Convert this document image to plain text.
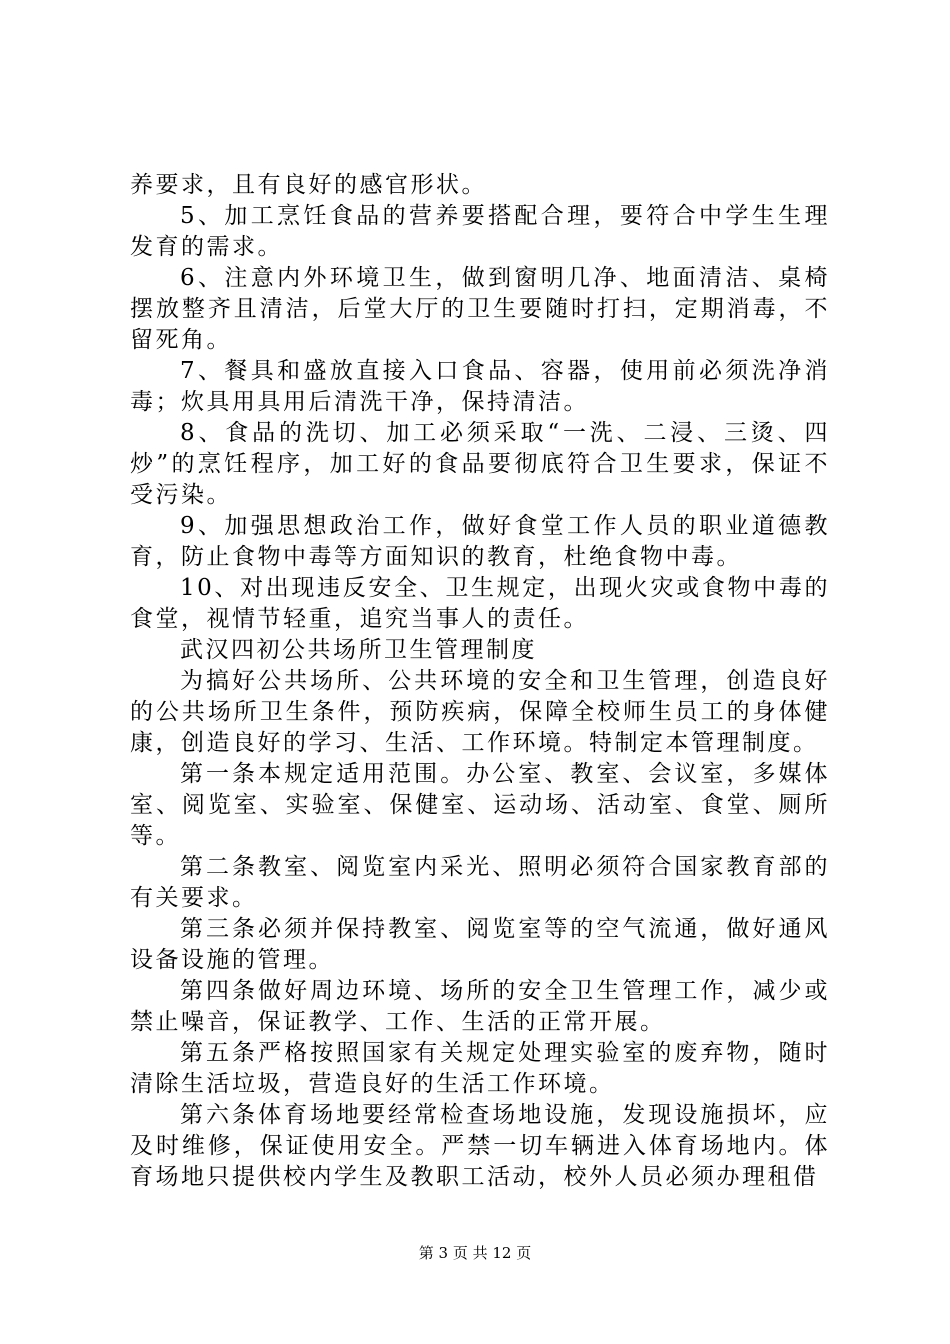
养要求，且有良好的感官形状。

5、加工烹饪食品的营养要搭配合理，要符合中学生生理发育的需求。

6、注意内外环境卫生，做到窗明几净、地面清洁、桌椅摆放整齐且清洁，后堂大厅的卫生要随时打扫，定期消毒，不留死角。

7、餐具和盛放直接入口食品、容器，使用前必须洗净消毒；炊具用具用后清洗干净，保持清洁。

8、食品的洗切、加工必须采取“一洗、二浸、三烫、四炒”的烹饪程序，加工好的食品要彻底符合卫生要求，保证不受污染。

9、加强思想政治工作，做好食堂工作人员的职业道德教育，防止食物中毒等方面知识的教育，杜绝食物中毒。

10、对出现违反安全、卫生规定，出现火灾或食物中毒的食堂，视情节轻重，追究当事人的责任。

武汉四初公共场所卫生管理制度

为搞好公共场所、公共环境的安全和卫生管理，创造良好的公共场所卫生条件，预防疾病，保障全校师生员工的身体健康，创造良好的学习、生活、工作环境。特制定本管理制度。

第一条本规定适用范围。办公室、教室、会议室，多媒体室、阅览室、实验室、保健室、运动场、活动室、食堂、厕所等。

第二条教室、阅览室内采光、照明必须符合国家教育部的有关要求。

第三条必须并保持教室、阅览室等的空气流通，做好通风设备设施的管理。

第四条做好周边环境、场所的安全卫生管理工作，减少或禁止噪音，保证教学、工作、生活的正常开展。

第五条严格按照国家有关规定处理实验室的废弃物，随时清除生活垃圾，营造良好的生活工作环境。

第六条体育场地要经常检查场地设施，发现设施损坏，应及时维修，保证使用安全。严禁一切车辆进入体育场地内。体育场地只提供校内学生及教职工活动，校外人员必须办理租借

第 3 页 共 12 页
